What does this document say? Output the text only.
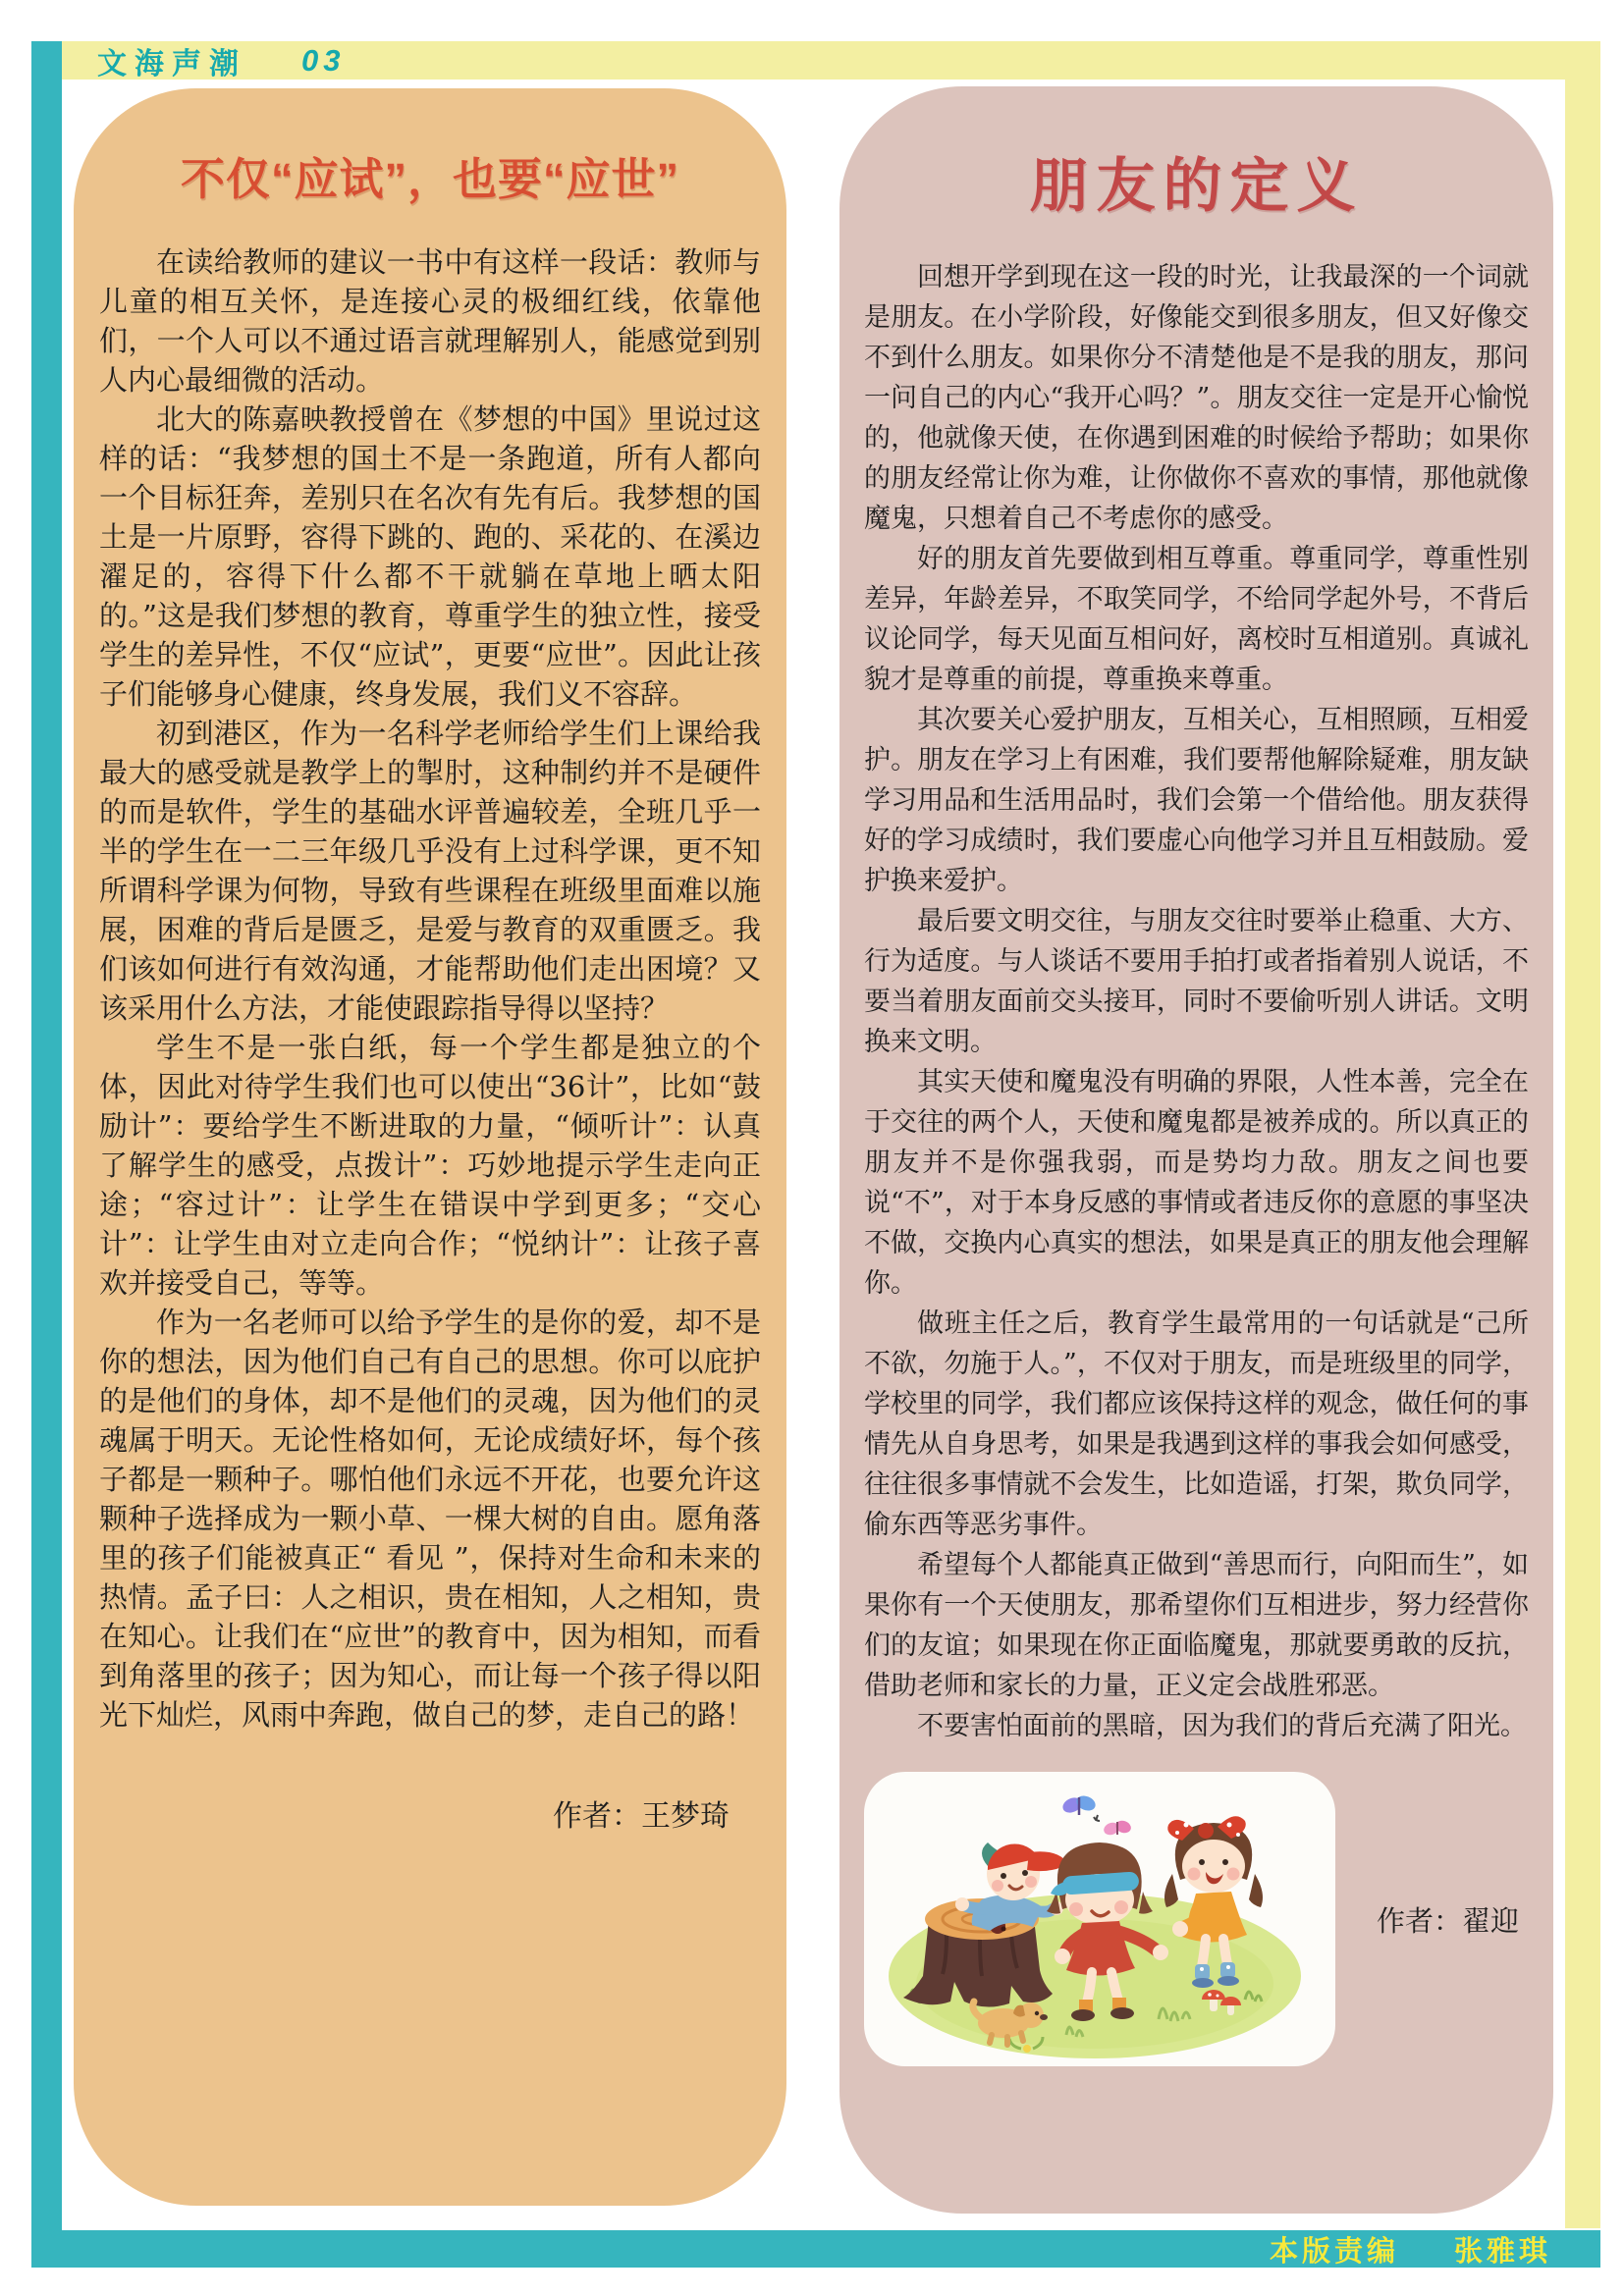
文海声潮 03
不仅“应试”，也要“应世”

在读给教师的建议一书中有这样一段话：教师与儿童的相互关怀，是连接心灵的极细红线，依靠他们，一个人可以不通过语言就理解别人，能感觉到别人内心最细微的活动。

北大的陈嘉映教授曾在《梦想的中国》里说过这样的话：“我梦想的国土不是一条跑道，所有人都向一个目标狂奔，差别只在名次有先有后。我梦想的国土是一片原野，容得下跳的、跑的、采花的、在溪边濯足的，容得下什么都不干就躺在草地上晒太阳的。”这是我们梦想的教育，尊重学生的独立性，接受学生的差异性，不仅“应试”，更要“应世”。因此让孩子们能够身心健康，终身发展，我们义不容辞。

初到港区，作为一名科学老师给学生们上课给我最大的感受就是教学上的掣肘，这种制约并不是硬件的而是软件，学生的基础水评普遍较差，全班几乎一半的学生在一二三年级几乎没有上过科学课，更不知所谓科学课为何物，导致有些课程在班级里面难以施展，困难的背后是匮乏，是爱与教育的双重匮乏。我们该如何进行有效沟通，才能帮助他们走出困境？又该采用什么方法，才能使跟踪指导得以坚持？

学生不是一张白纸，每一个学生都是独立的个体，因此对待学生我们也可以使出“36计”，比如“鼓励计”：要给学生不断进取的力量，“倾听计”：认真了解学生的感受，点拨计”：巧妙地提示学生走向正途；“容过计”：让学生在错误中学到更多；“交心计”：让学生由对立走向合作；“悦纳计”：让孩子喜欢并接受自己，等等。

作为一名老师可以给予学生的是你的爱，却不是你的想法，因为他们自己有自己的思想。你可以庇护的是他们的身体，却不是他们的灵魂，因为他们的灵魂属于明天。无论性格如何，无论成绩好坏，每个孩子都是一颗种子。哪怕他们永远不开花，也要允许这颗种子选择成为一颗小草、一棵大树的自由。愿角落里的孩子们能被真正“ 看见 ”，保持对生命和未来的热情。孟子曰：人之相识，贵在相知，人之相知，贵在知心。让我们在“应世”的教育中，因为相知，而看到角落里的孩子；因为知心，而让每一个孩子得以阳光下灿烂，风雨中奔跑，做自己的梦，走自己的路！

作者：王梦琦
朋友的定义

回想开学到现在这一段的时光，让我最深的一个词就是朋友。在小学阶段，好像能交到很多朋友，但又好像交不到什么朋友。如果你分不清楚他是不是我的朋友，那问一问自己的内心“我开心吗？”。朋友交往一定是开心愉悦的，他就像天使，在你遇到困难的时候给予帮助；如果你的朋友经常让你为难，让你做你不喜欢的事情，那他就像魔鬼，只想着自己不考虑你的感受。

好的朋友首先要做到相互尊重。尊重同学，尊重性别差异，年龄差异，不取笑同学，不给同学起外号，不背后议论同学，每天见面互相问好，离校时互相道别。真诚礼貌才是尊重的前提，尊重换来尊重。

其次要关心爱护朋友，互相关心，互相照顾，互相爱护。朋友在学习上有困难，我们要帮他解除疑难，朋友缺学习用品和生活用品时，我们会第一个借给他。朋友获得好的学习成绩时，我们要虚心向他学习并且互相鼓励。爱护换来爱护。

最后要文明交往，与朋友交往时要举止稳重、大方、行为适度。与人谈话不要用手拍打或者指着别人说话，不要当着朋友面前交头接耳，同时不要偷听别人讲话。文明换来文明。

其实天使和魔鬼没有明确的界限，人性本善，完全在于交往的两个人，天使和魔鬼都是被养成的。所以真正的朋友并不是你强我弱，而是势均力敌。朋友之间也要说“不”，对于本身反感的事情或者违反你的意愿的事坚决不做，交换内心真实的想法，如果是真正的朋友他会理解你。

做班主任之后，教育学生最常用的一句话就是“己所不欲，勿施于人。”，不仅对于朋友，而是班级里的同学，学校里的同学，我们都应该保持这样的观念，做任何的事情先从自身思考，如果是我遇到这样的事我会如何感受，往往很多事情就不会发生，比如造谣，打架，欺负同学，偷东西等恶劣事件。

希望每个人都能真正做到“善思而行，向阳而生”，如果你有一个天使朋友，那希望你们互相进步，努力经营你们的友谊；如果现在你正面临魔鬼，那就要勇敢的反抗，借助老师和家长的力量，正义定会战胜邪恶。

不要害怕面前的黑暗，因为我们的背后充满了阳光。

作者：翟迎
本版责编 张雅琪
